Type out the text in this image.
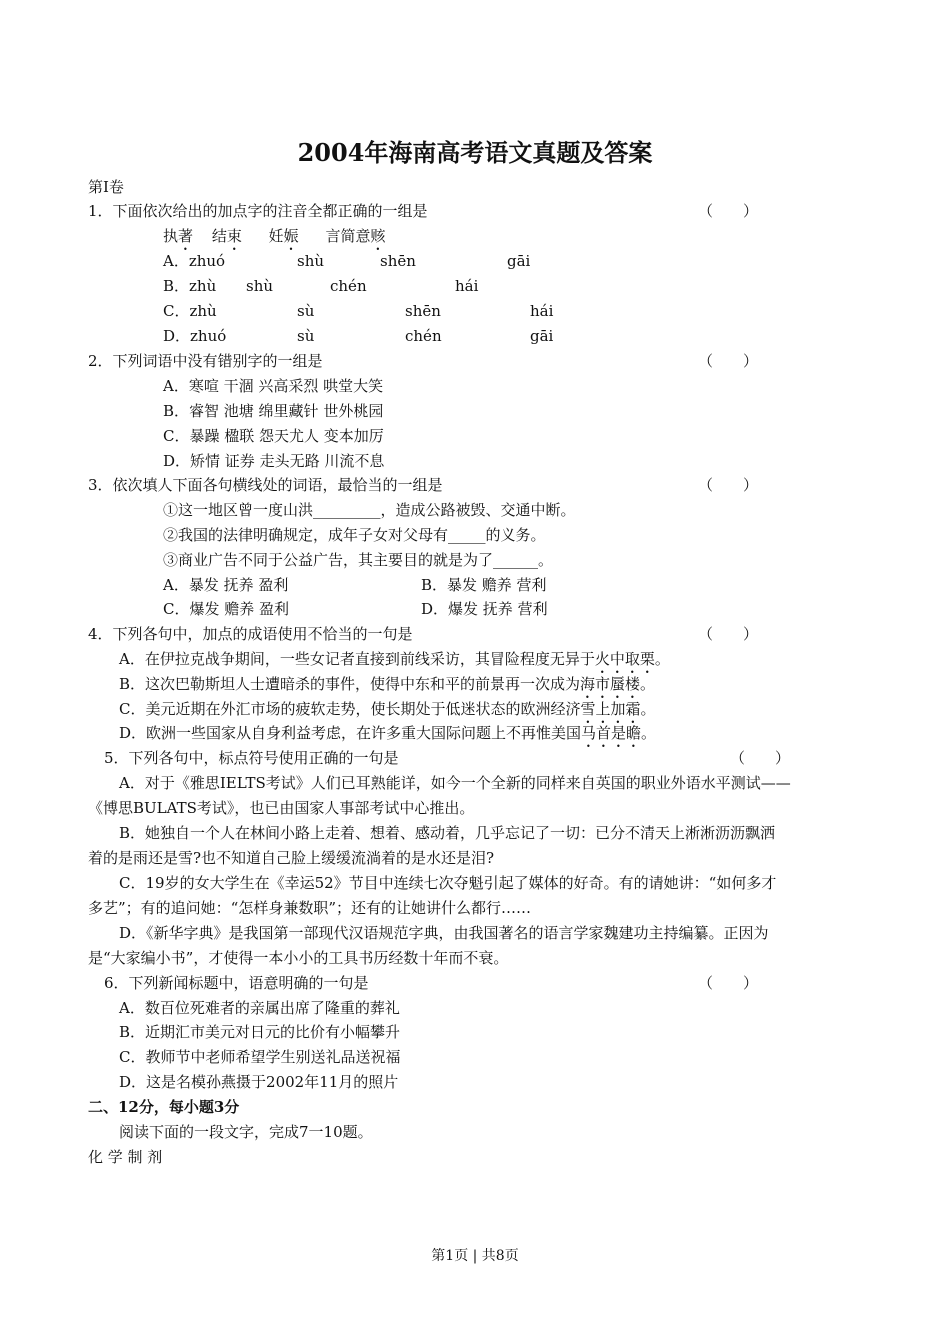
2004年海南高考语文真题及答案
第Ⅰ卷
1．下面依次给出的加点字的注音全都正确的一组是	（　　）
执著 结束 妊娠 言简意赅
A．zhuó	shù	shēn	gāi
B．zhù shù	chén	hái
C．zhù	sù	shēn	hái
D．zhuó	sù	chén	gāi
2．下列词语中没有错别字的一组是	（　　）
A．寒喧 干涸 兴高采烈 哄堂大笑
B．睿智 池塘 绵里藏针 世外桃园
C．暴躁 楹联 怨天尤人 变本加厉
D．矫情 证券 走头无路 川流不息
3．依次填人下面各句横线处的词语，最恰当的一组是	（　　）
①这一地区曾一度山洪_________，造成公路被毁、交通中断。
②我国的法律明确规定，成年子女对父母有_____的义务。
③商业广告不同于公益广告，其主要目的就是为了______。
A．暴发 抚养 盈利	B．暴发 赡养 营利
C．爆发 赡养 盈利	D．爆发 抚养 营利
4．下列各句中，加点的成语使用不恰当的一句是	（　　）
A．在伊拉克战争期间，一些女记者直接到前线采访，其冒险程度无异于火中取栗。
B．这次巴勒斯坦人士遭暗杀的事件，使得中东和平的前景再一次成为海市蜃楼。
C．美元近期在外汇市场的疲软走势，使长期处于低迷状态的欧洲经济雪上加霜。
D．欧洲一些国家从自身利益考虑，在许多重大国际问题上不再惟美国马首是瞻。
5．下列各句中，标点符号使用正确的一句是	（　　）
A．对于《雅思IELTS考试》人们已耳熟能详，如今一个全新的同样来自英国的职业外语水平测试——
《博思BULATS考试》，也已由国家人事部考试中心推出。
B．她独自一个人在林间小路上走着、想着、感动着，几乎忘记了一切：已分不清天上淅淅沥沥飘洒
着的是雨还是雪?也不知道自己脸上缓缓流淌着的是水还是泪?
C．19岁的女大学生在《幸运52》节目中连续七次夺魁引起了媒体的好奇。有的请她讲：“如何多才
多艺”；有的追问她：“怎样身兼数职”；还有的让她讲什么都行……
D．《新华字典》是我国第一部现代汉语规范字典，由我国著名的语言学家魏建功主持编纂。正因为
是“大家编小书”，才使得一本小小的工具书历经数十年而不衰。
6．下列新闻标题中，语意明确的一句是	（　　）
A．数百位死难者的亲属出席了隆重的葬礼
B．近期汇市美元对日元的比价有小幅攀升
C．教师节中老师希望学生别送礼品送祝福
D．这是名模孙燕摄于2002年11月的照片
二、12分，每小题3分
阅读下面的一段文字，完成7一10题。
化 学 制 剂
第1页 | 共8页
